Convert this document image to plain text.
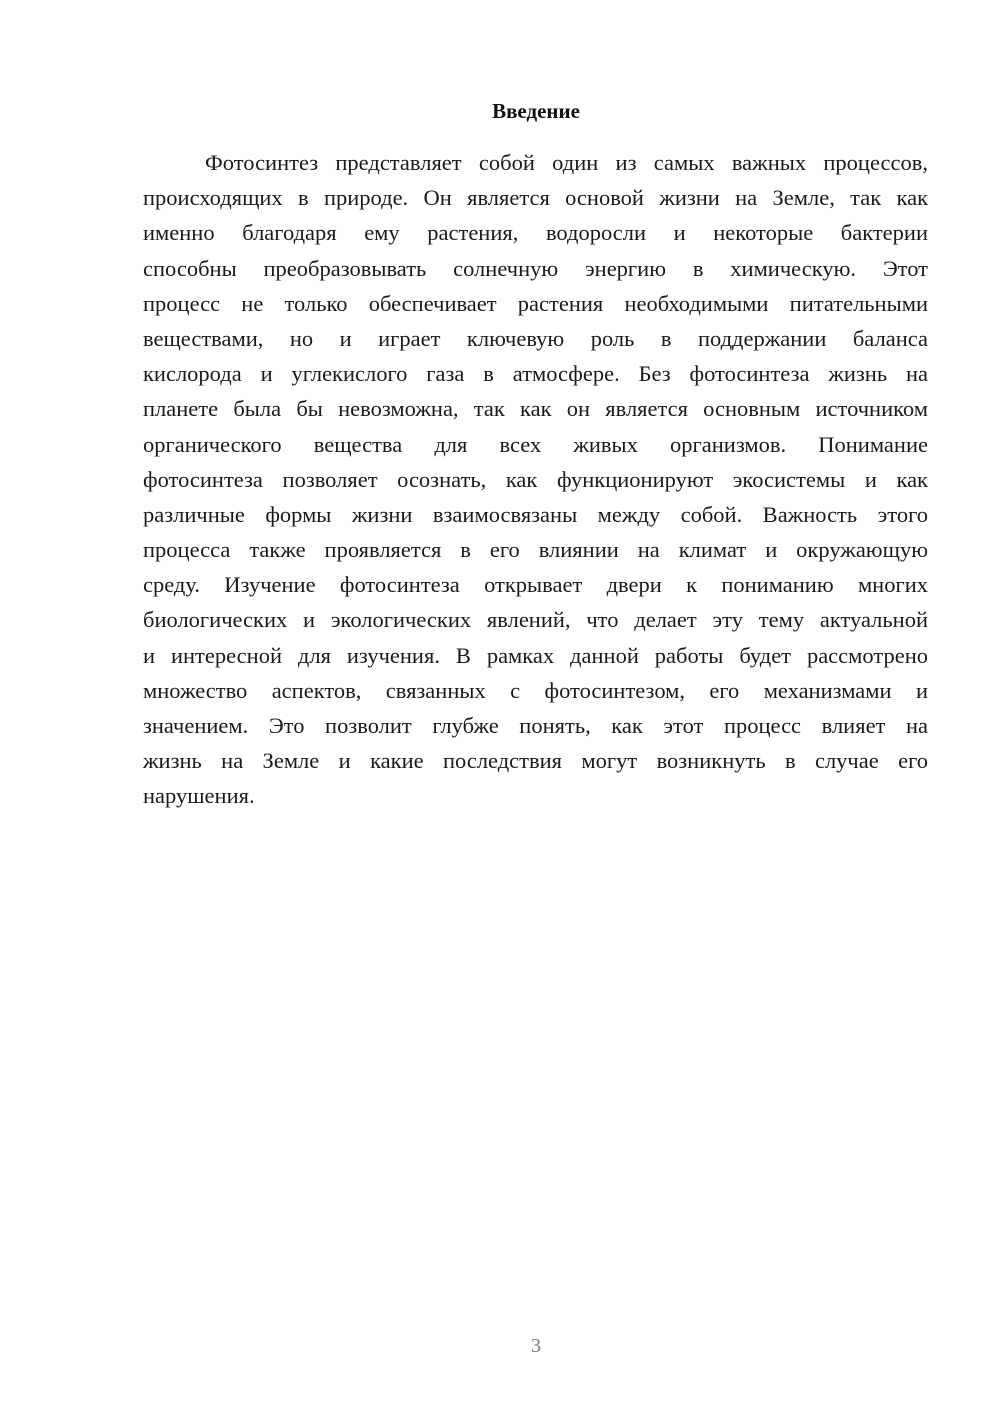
Введение
Фотосинтез представляет собой один из самых важных процессов,
происходящих в природе. Он является основой жизни на Земле, так как
именно благодаря ему растения, водоросли и некоторые бактерии
способны преобразовывать солнечную энергию в химическую. Этот
процесс не только обеспечивает растения необходимыми питательными
веществами, но и играет ключевую роль в поддержании баланса
кислорода и углекислого газа в атмосфере. Без фотосинтеза жизнь на
планете была бы невозможна, так как он является основным источником
органического вещества для всех живых организмов. Понимание
фотосинтеза позволяет осознать, как функционируют экосистемы и как
различные формы жизни взаимосвязаны между собой. Важность этого
процесса также проявляется в его влиянии на климат и окружающую
среду. Изучение фотосинтеза открывает двери к пониманию многих
биологических и экологических явлений, что делает эту тему актуальной
и интересной для изучения. В рамках данной работы будет рассмотрено
множество аспектов, связанных с фотосинтезом, его механизмами и
значением. Это позволит глубже понять, как этот процесс влияет на
жизнь на Земле и какие последствия могут возникнуть в случае его
нарушения.
3
